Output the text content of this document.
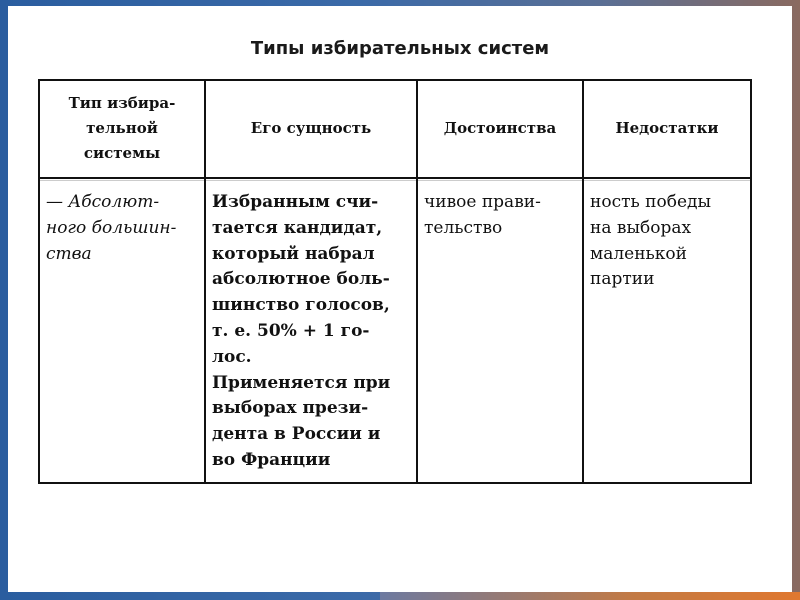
Типы избирательных систем
Тип избира-
тельной
системы
Его сущность	Достоинства	Недостатки
— Абсолют-
ного большин-
ства
Избранным счи-
тается кандидат,
который набрал
абсолютное боль-
шинство голосов,
т. е. 50% + 1 го-
лос.
Применяется при
выборах прези-
дента в России и
во Франции
чивое прави-
тельство
ность победы
на выборах
маленькой
партии
